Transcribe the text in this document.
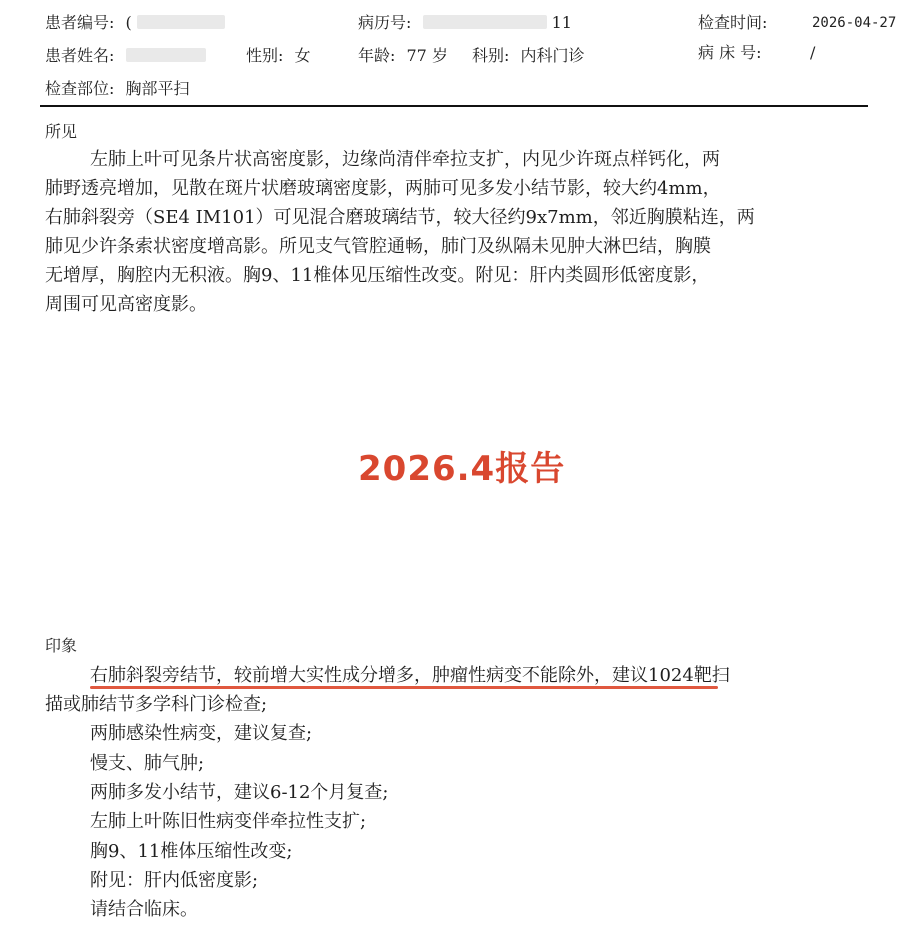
患者编号: (	病历号:	11	检查时间:	2026-04-27
患者姓名:	性别: 女	年龄: 77 岁 科别: 内科门诊	病 床 号:	/
检查部位: 胸部平扫
所见
左肺上叶可见条片状高密度影，边缘尚清伴牵拉支扩，内见少许斑点样钙化，两
肺野透亮增加，见散在斑片状磨玻璃密度影，两肺可见多发小结节影，较大约4mm，
右肺斜裂旁（SE4 IM101）可见混合磨玻璃结节，较大径约9x7mm，邻近胸膜粘连，两
肺见少许条索状密度增高影。所见支气管腔通畅，肺门及纵隔未见肿大淋巴结，胸膜
无增厚，胸腔内无积液。胸9、11椎体见压缩性改变。附见：肝内类圆形低密度影，
周围可见高密度影。
2026.4报告
印象
右肺斜裂旁结节，较前增大实性成分增多，肿瘤性病变不能除外，建议1024靶扫
描或肺结节多学科门诊检查;
两肺感染性病变，建议复查;
慢支、肺气肿;
两肺多发小结节，建议6-12个月复查;
左肺上叶陈旧性病变伴牵拉性支扩;
胸9、11椎体压缩性改变;
附见：肝内低密度影;
请结合临床。
